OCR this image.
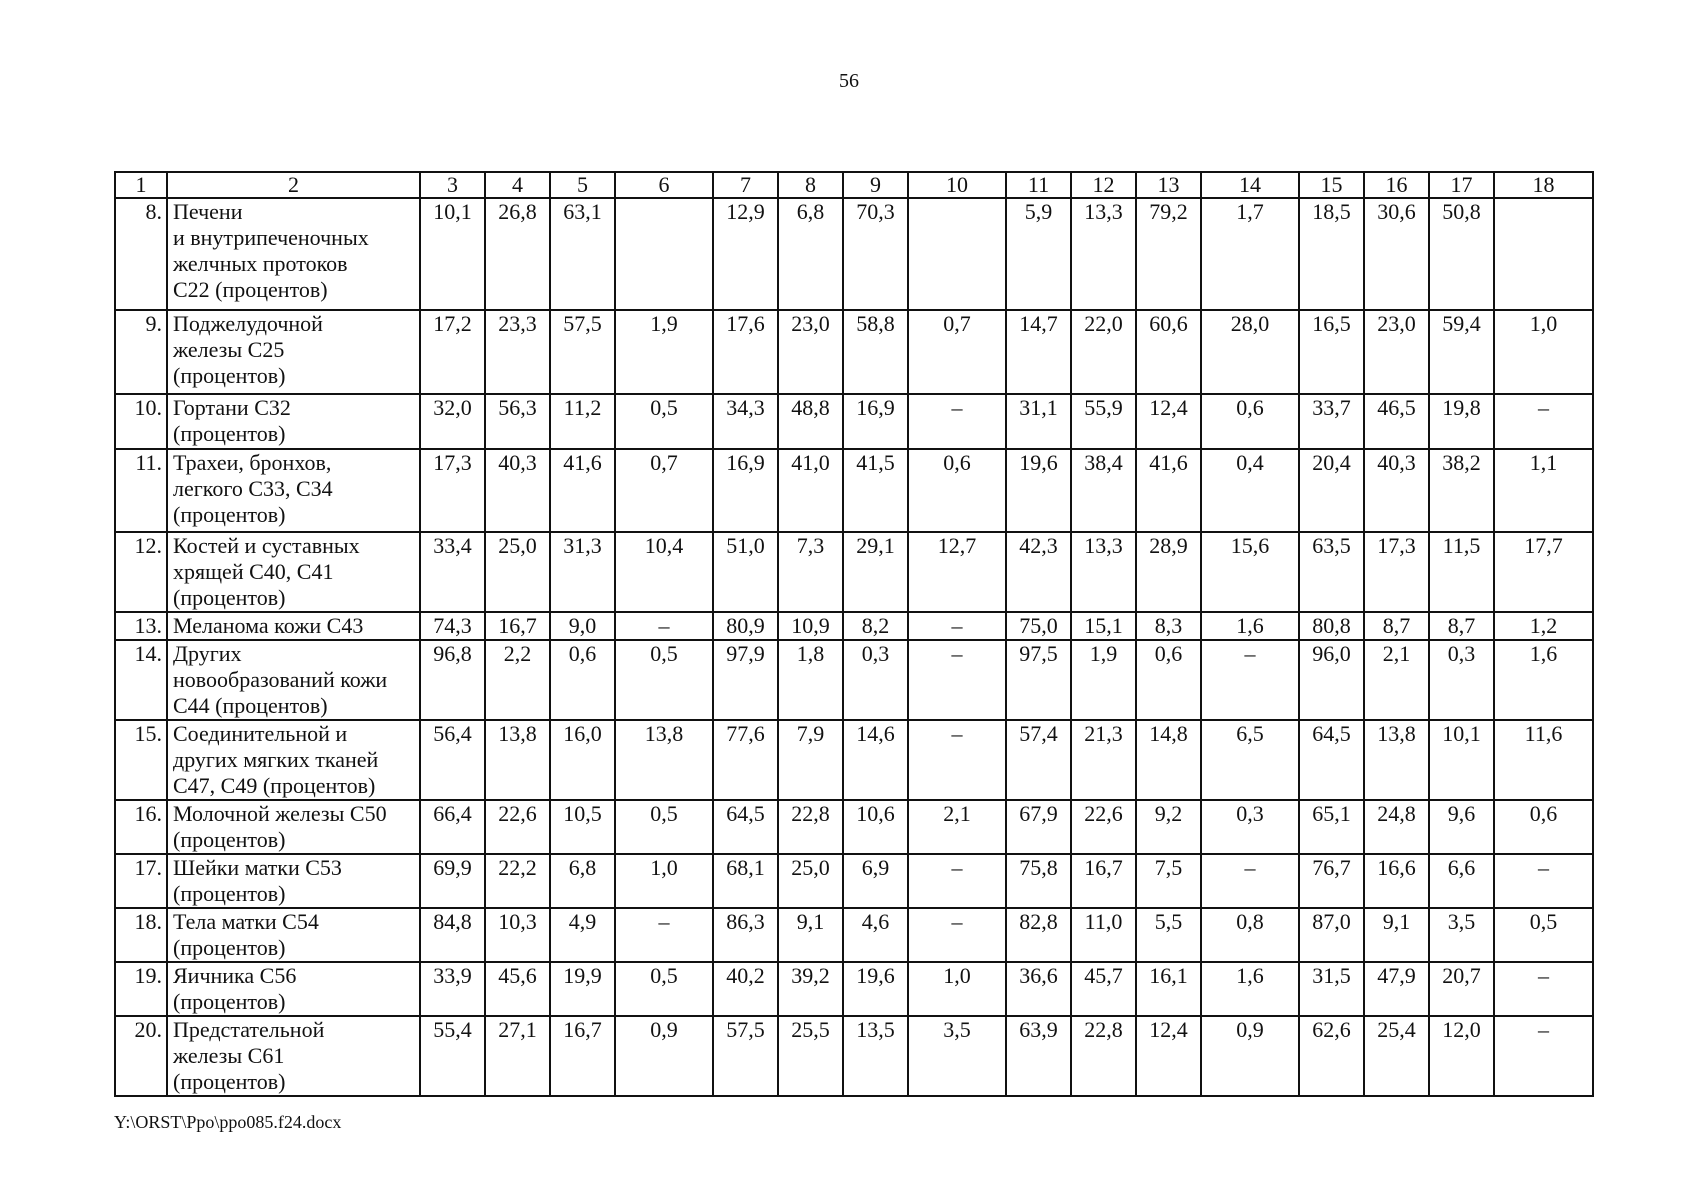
56
1	2	3	4	5	6	7	8	9	10	11	12	13	14	15	16	17	18
8.	Печени
и внутрипеченочных
желчных протоков
С22 (процентов)	10,1	26,8	63,1		12,9	6,8	70,3		5,9	13,3	79,2	1,7	18,5	30,6	50,8	
9.	Поджелудочной
железы С25
(процентов)	17,2	23,3	57,5	1,9	17,6	23,0	58,8	0,7	14,7	22,0	60,6	28,0	16,5	23,0	59,4	1,0
10.	Гортани С32
(процентов)	32,0	56,3	11,2	0,5	34,3	48,8	16,9	–	31,1	55,9	12,4	0,6	33,7	46,5	19,8	–
11.	Трахеи, бронхов,
легкого С33, С34
(процентов)	17,3	40,3	41,6	0,7	16,9	41,0	41,5	0,6	19,6	38,4	41,6	0,4	20,4	40,3	38,2	1,1
12.	Костей и суставных
хрящей С40, С41
(процентов)	33,4	25,0	31,3	10,4	51,0	7,3	29,1	12,7	42,3	13,3	28,9	15,6	63,5	17,3	11,5	17,7
13.	Меланома кожи С43	74,3	16,7	9,0	–	80,9	10,9	8,2	–	75,0	15,1	8,3	1,6	80,8	8,7	8,7	1,2
14.	Других
новообразований кожи
С44 (процентов)	96,8	2,2	0,6	0,5	97,9	1,8	0,3	–	97,5	1,9	0,6	–	96,0	2,1	0,3	1,6
15.	Соединительной и
других мягких тканей
С47, С49 (процентов)	56,4	13,8	16,0	13,8	77,6	7,9	14,6	–	57,4	21,3	14,8	6,5	64,5	13,8	10,1	11,6
16.	Молочной железы С50
(процентов)	66,4	22,6	10,5	0,5	64,5	22,8	10,6	2,1	67,9	22,6	9,2	0,3	65,1	24,8	9,6	0,6
17.	Шейки матки С53
(процентов)	69,9	22,2	6,8	1,0	68,1	25,0	6,9	–	75,8	16,7	7,5	–	76,7	16,6	6,6	–
18.	Тела матки С54
(процентов)	84,8	10,3	4,9	–	86,3	9,1	4,6	–	82,8	11,0	5,5	0,8	87,0	9,1	3,5	0,5
19.	Яичника С56
(процентов)	33,9	45,6	19,9	0,5	40,2	39,2	19,6	1,0	36,6	45,7	16,1	1,6	31,5	47,9	20,7	–
20.	Предстательной
железы С61
(процентов)	55,4	27,1	16,7	0,9	57,5	25,5	13,5	3,5	63,9	22,8	12,4	0,9	62,6	25,4	12,0	–
Y:\ORST\Ppo\ppo085.f24.docx
